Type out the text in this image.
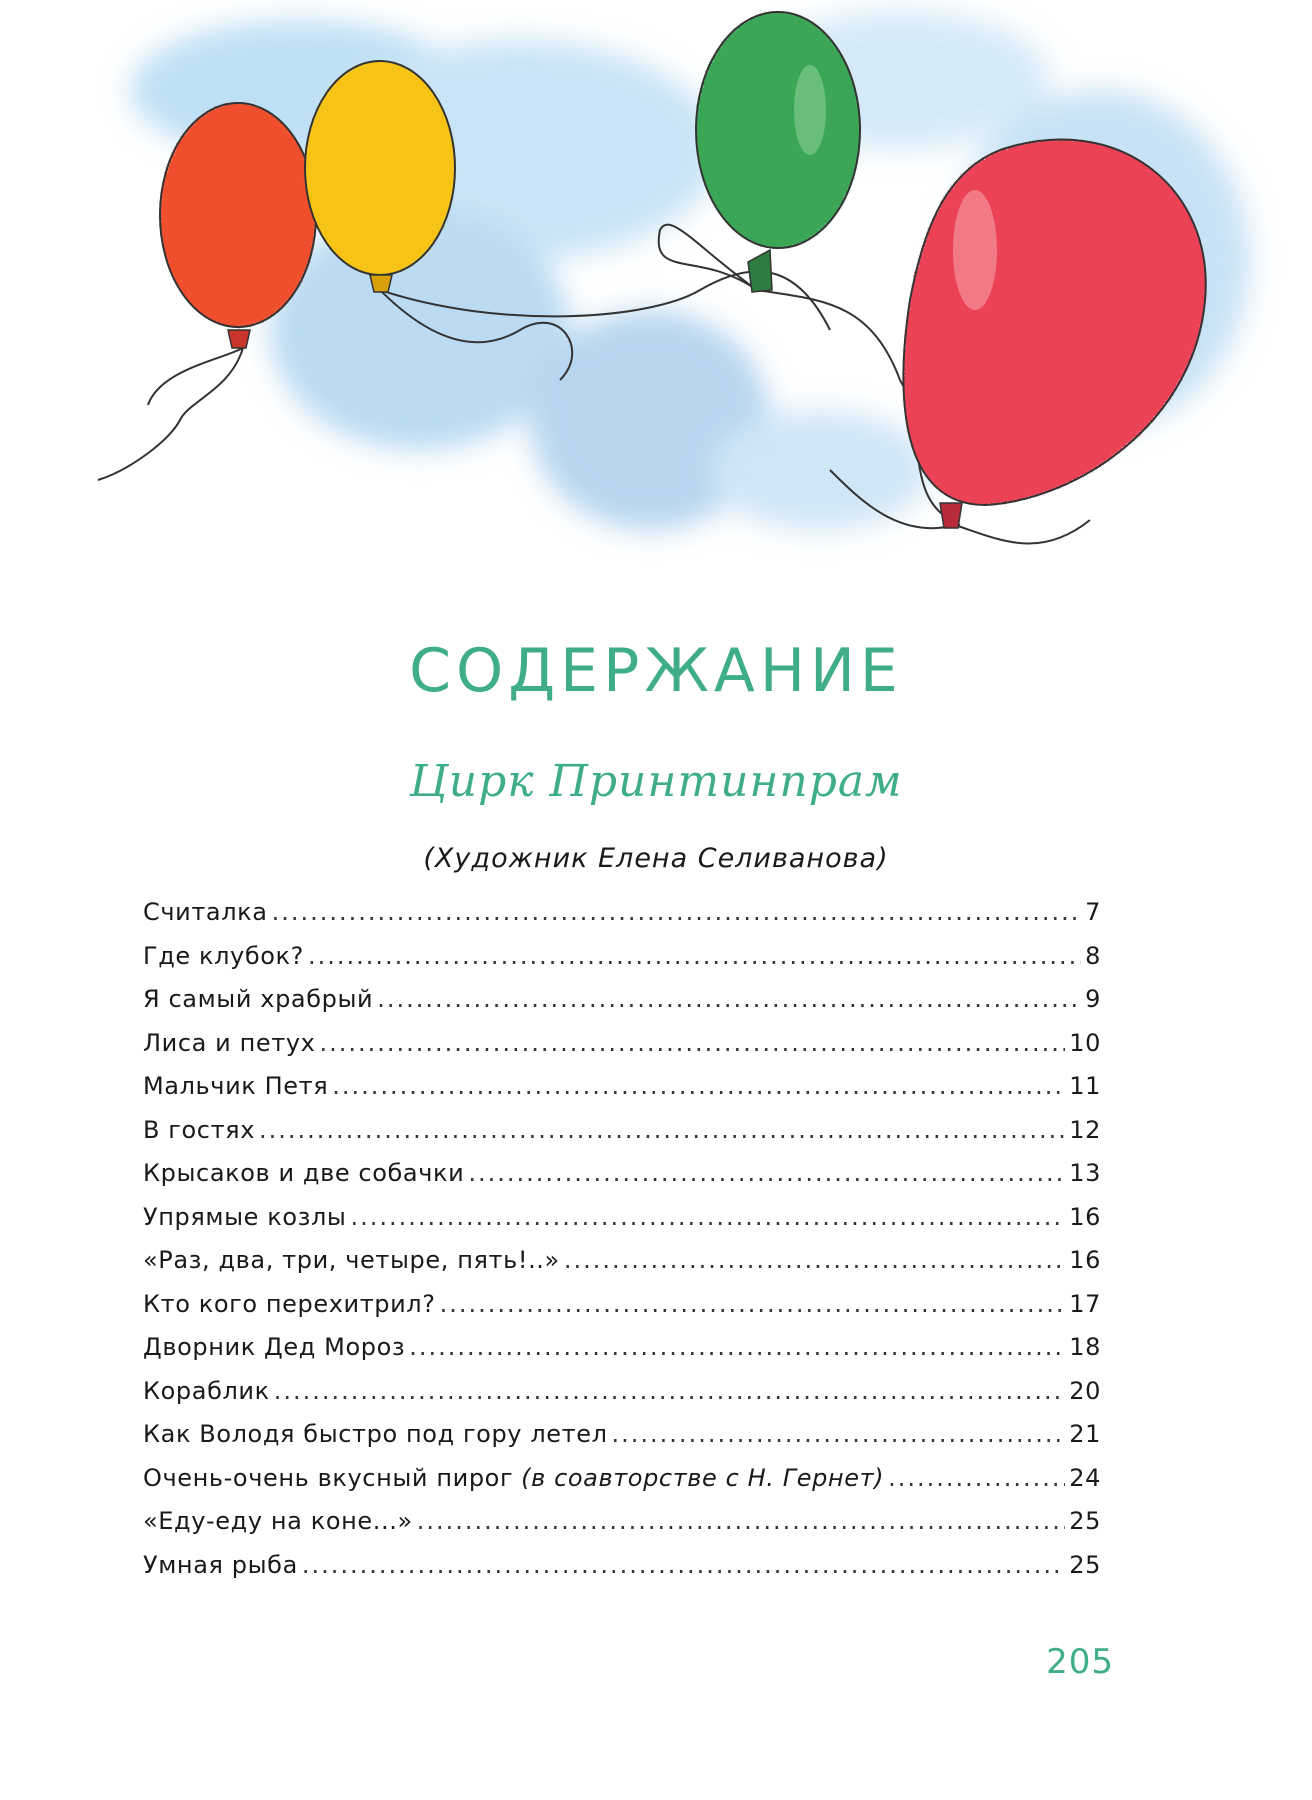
СОДЕРЖАНИЕ
Цирк Принтинпрам
(Художник Елена Селиванова)
Считалка .....	7
Где клубок? .....	8
Я самый храбрый .....	9
Лиса и петух .....	10
Мальчик Петя .....	11
В гостях .....	12
Крысаков и две собачки .....	13
Упрямые козлы .....	16
«Раз, два, три, четыре, пять!..» .....	16
Кто кого перехитрил? .....	17
Дворник Дед Мороз .....	18
Кораблик .....	20
Как Володя быстро под гору летел .....	21
Очень-очень вкусный пирог (в соавторстве с Н. Гернет) .....	24
«Еду-еду на коне...» .....	25
Умная рыба .....	25
205
